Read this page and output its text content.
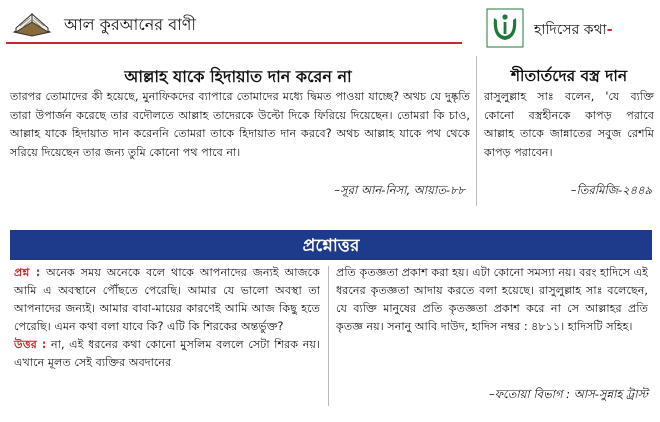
আল কুরআনের বাণী
আল্লাহ যাকে হিদায়াত দান করেন না
তারপর তোমাদের কী হয়েছে, মুনাফিকদের ব্যাপারে তোমাদের মধ্যে দ্বিমত পাওয়া যাচ্ছে? অথচ যে দুষ্কৃতি তারা উপার্জন করেছে তার বদৌলতে আল্লাহ তাদেরকে উল্টো দিকে ফিরিয়ে দিয়েছেন। তোমরা কি চাও, আল্লাহ যাকে হিদায়াত দান করেননি তোমরা তাকে হিদায়াত দান করবে? অথচ আল্লাহ যাকে পথ থেকে সরিয়ে দিয়েছেন তার জন্য তুমি কোনো পথ পাবে না।
–সূরা আন-নিসা, আয়াত-৮৮
হাদিসের কথা-
শীতার্তদের বস্ত্র দান
রাসুলুল্লাহ সাঃ বলেন, 'যে ব্যক্তি কোনো বস্ত্রহীনকে কাপড় পরাবে আল্লাহ তাকে জান্নাতের সবুজ রেশমি কাপড় পরাবেন।
–তিরমিজি-২৪৪৯
প্রশ্নোত্তর
প্রশ্ন : অনেক সময় অনেকে বলে থাকে আপনাদের জন্যই আজকে আমি এ অবস্থানে পৌঁছতে পেরেছি। আমার যে ভালো অবস্থা তা আপনাদের জন্যই। আমার বাবা-মায়ের কারণেই আমি আজ কিছু হতে পেরেছি। এমন কথা বলা যাবে কি? এটি কি শিরকের অন্তর্ভুক্ত?
উত্তর : না, এই ধরনের কথা কোনো মুসলিম বললে সেটা শিরক নয়। এখানে মূলত সেই ব্যক্তির অবদানের
প্রতি কৃতজ্ঞতা প্রকাশ করা হয়। এটা কোনো সমস্যা নয়। বরং হাদিসে এই ধরনের কৃতজ্ঞতা আদায় করতে বলা হয়েছে। রাসুলুল্লাহ সাঃ বলেছেন, যে ব্যক্তি মানুষের প্রতি কৃতজ্ঞতা প্রকাশ করে না সে আল্লাহর প্রতি কৃতজ্ঞ নয়। সনানু আবি দাউদ, হাদিস নম্বর : ৪৮১১। হাদিসটি সহিহ।
–ফতোয়া বিভাগ : আস-সুন্নাহ ট্রাস্ট
